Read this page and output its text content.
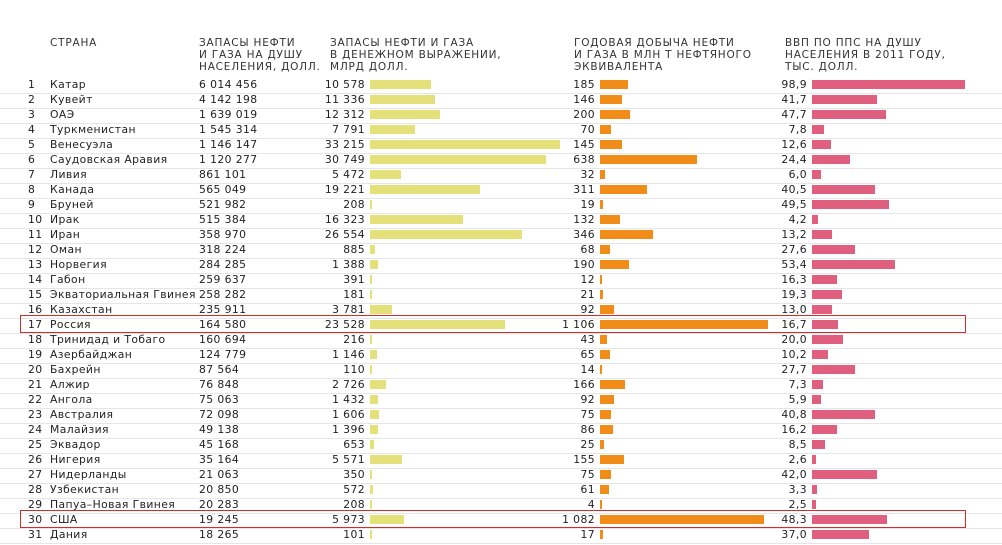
СТРАНА	ЗАПАСЫ НЕФТИ
И ГАЗА НА ДУШУ
НАСЕЛЕНИЯ, ДОЛЛ.
ЗАПАСЫ НЕФТИ И ГАЗА
В ДЕНЕЖНОМ ВЫРАЖЕНИИ,
МЛРД ДОЛЛ.
ГОДОВАЯ ДОБЫЧА НЕФТИ
И ГАЗА В МЛН Т НЕФТЯНОГО
ЭКВИВАЛЕНТА
ВВП ПО ППС НА ДУШУ
НАСЕЛЕНИЯ В 2011 ГОДУ,
ТЫС. ДОЛЛ.
1 Катар	6 014 456	10 578	185	98,9
2 Кувейт	4 142 198	11 336	146	41,7
3 ОАЭ	1 639 019	12 312	200	47,7
4 Туркменистан	1 545 314	7 791	70	7,8
5 Венесуэла	1 146 147	33 215	145	12,6
6 Саудовская Аравия	1 120 277	30 749	638	24,4
7 Ливия	861 101	5 472	32	6,0
8 Канада	565 049	19 221	311	40,5
9 Бруней	521 982	208	19	49,5
10 Ирак	515 384	16 323	132	4,2
11 Иран	358 970	26 554	346	13,2
12 Оман	318 224	885	68	27,6
13 Норвегия	284 285	1 388	190	53,4
14 Габон	259 637	391	12	16,3
15 Экваториальная Гвинея 258 282	181	21	19,3
16 Казахстан	235 911	3 781	92	13,0
17 Россия	164 580	23 528	1 106	16,7
18 Тринидад и Тобаго	160 694	216	43	20,0
19 Азербайджан	124 779	1 146	65	10,2
20 Бахрейн	87 564	110	14	27,7
21 Алжир	76 848	2 726	166	7,3
22 Ангола	75 063	1 432	92	5,9
23 Австралия	72 098	1 606	75	40,8
24 Малайзия	49 138	1 396	86	16,2
25 Эквадор	45 168	653	25	8,5
26 Нигерия	35 164	5 571	155	2,6
27 Нидерланды	21 063	350	75	42,0
28 Узбекистан	20 850	572	61	3,3
29 Папуа–Новая Гвинея 20 283	208	4	2,5
30 США	19 245	5 973	1 082	48,3
31 Дания	18 265	101	17	37,0
